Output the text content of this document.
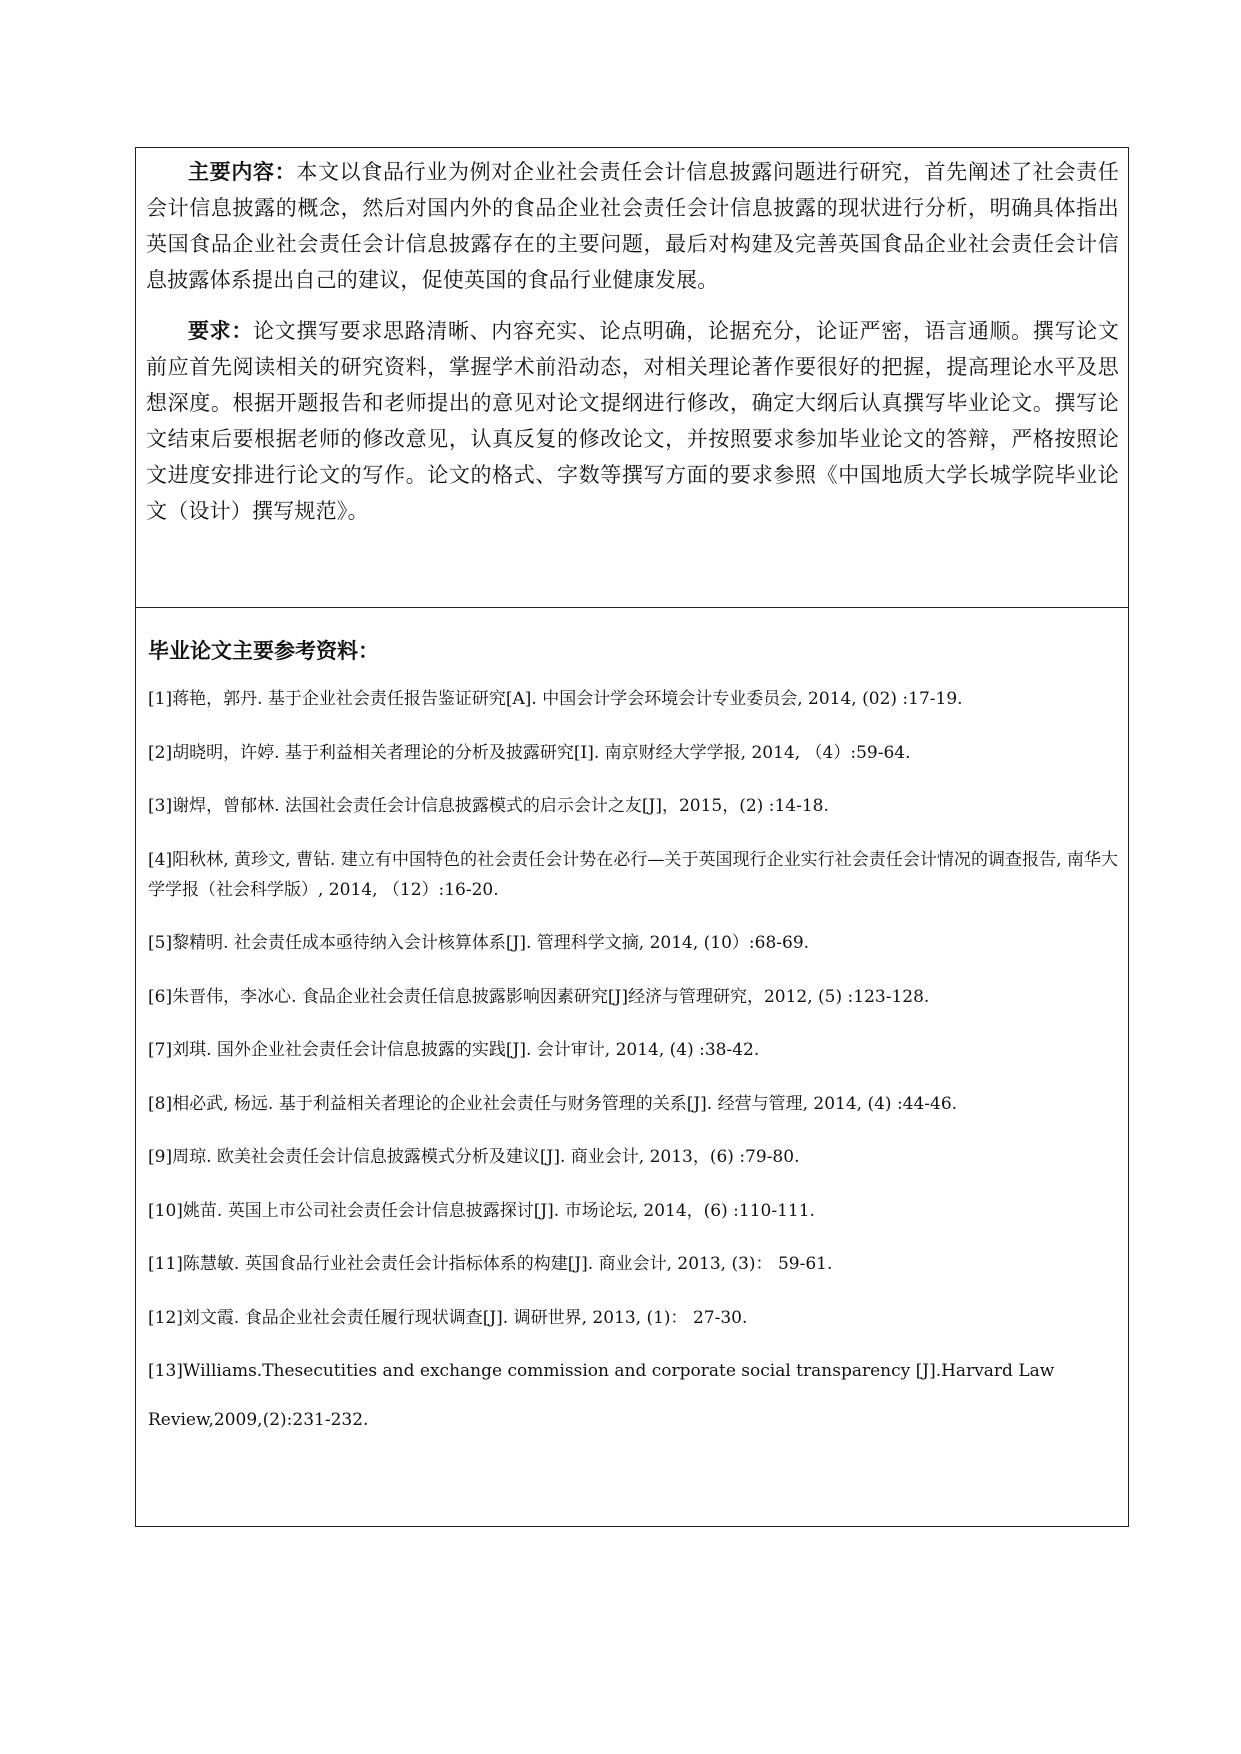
主要内容：本文以食品行业为例对企业社会责任会计信息披露问题进行研究，首先阐述了社会责任会计信息披露的概念，然后对国内外的食品企业社会责任会计信息披露的现状进行分析，明确具体指出英国食品企业社会责任会计信息披露存在的主要问题，最后对构建及完善英国食品企业社会责任会计信息披露体系提出自己的建议，促使英国的食品行业健康发展。

要求：论文撰写要求思路清晰、内容充实、论点明确，论据充分，论证严密，语言通顺。撰写论文前应首先阅读相关的研究资料，掌握学术前沿动态，对相关理论著作要很好的把握，提高理论水平及思想深度。根据开题报告和老师提出的意见对论文提纲进行修改，确定大纲后认真撰写毕业论文。撰写论文结束后要根据老师的修改意见，认真反复的修改论文，并按照要求参加毕业论文的答辩，严格按照论文进度安排进行论文的写作。论文的格式、字数等撰写方面的要求参照《中国地质大学长城学院毕业论文（设计）撰写规范》。

毕业论文主要参考资料：

[1]蒋艳，郭丹. 基于企业社会责任报告鉴证研究[A]. 中国会计学会环境会计专业委员会, 2014, (02) :17-19.
[2]胡晓明，许婷. 基于利益相关者理论的分析及披露研究[I]. 南京财经大学学报, 2014, （4）:59-64.
[3]谢焊，曾郁林. 法国社会责任会计信息披露模式的启示会计之友[J]，2015，(2) :14-18.
[4]阳秋林, 黄珍文, 曹钻. 建立有中国特色的社会责任会计势在必行—关于英国现行企业实行社会责任会计情况的调查报告, 南华大学学报（社会科学版）, 2014, （12）:16-20.
[5]黎精明. 社会责任成本亟待纳入会计核算体系[J]. 管理科学文摘, 2014, (10）:68-69.
[6]朱晋伟，李冰心. 食品企业社会责任信息披露影响因素研究[J]经济与管理研究，2012, (5) :123-128.
[7]刘琪. 国外企业社会责任会计信息披露的实践[J]. 会计审计, 2014, (4) :38-42.
[8]相必武, 杨远. 基于利益相关者理论的企业社会责任与财务管理的关系[J]. 经营与管理, 2014, (4) :44-46.
[9]周琼. 欧美社会责任会计信息披露模式分析及建议[J]. 商业会计, 2013，(6) :79-80.
[10]姚苗. 英国上市公司社会责任会计信息披露探讨[J]. 市场论坛, 2014，(6) :110-111.
[11]陈慧敏. 英国食品行业社会责任会计指标体系的构建[J]. 商业会计, 2013, (3)： 59-61.
[12]刘文霞. 食品企业社会责任履行现状调查[J]. 调研世界, 2013, (1)： 27-30.
[13]Williams.Thesecutities and exchange commission and corporate social transparency [J].Harvard Law
Review,2009,(2):231-232.
